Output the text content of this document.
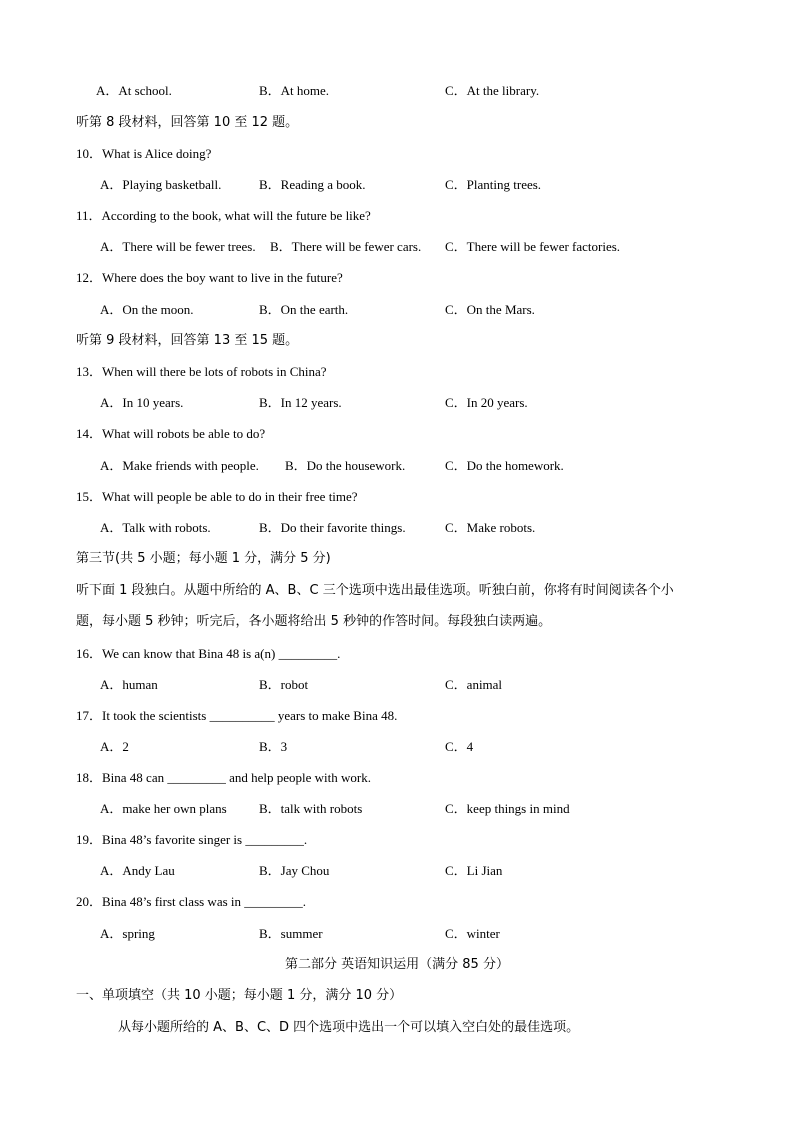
A．At school.	B．At home.	C．At the library.
听第 8 段材料，回答第 10 至 12 题。
10．What is Alice doing?
A．Playing basketball.	B．Reading a book.	C．Planting trees.
11．According to the book, what will the future be like?
A．There will be fewer trees. B．There will be fewer cars. C．There will be fewer factories.
12．Where does the boy want to live in the future?
A．On the moon.	B．On the earth.	C．On the Mars.
听第 9 段材料，回答第 13 至 15 题。
13．When will there be lots of robots in China?
A．In 10 years.	B．In 12 years.	C．In 20 years.
14．What will robots be able to do?
A．Make friends with people. B．Do the housework.	C．Do the homework.
15．What will people be able to do in their free time?
A．Talk with robots.	B．Do their favorite things.	C．Make robots.
第三节(共 5 小题；每小题 1 分，满分 5 分)
听下面 1 段独白。从题中所给的 A、B、C 三个选项中选出最佳选项。听独白前，你将有时间阅读各个小
题，每小题 5 秒钟；听完后，各小题将给出 5 秒钟的作答时间。每段独白读两遍。
16．We can know that Bina 48 is a(n) _________.
A．human	B．robot	C．animal
17．It took the scientists __________ years to make Bina 48.
A．2	B．3	C．4
18．Bina 48 can _________ and help people with work.
A．make her own plans B．talk with robots	C．keep things in mind
19．Bina 48’s favorite singer is _________.
A．Andy Lau	B．Jay Chou	C．Li Jian
20．Bina 48’s first class was in _________.
A．spring	B．summer	C．winter
第二部分 英语知识运用（满分 85 分）
一、单项填空（共 10 小题；每小题 1 分，满分 10 分）
从每小题所给的 A、B、C、D 四个选项中选出一个可以填入空白处的最佳选项。
